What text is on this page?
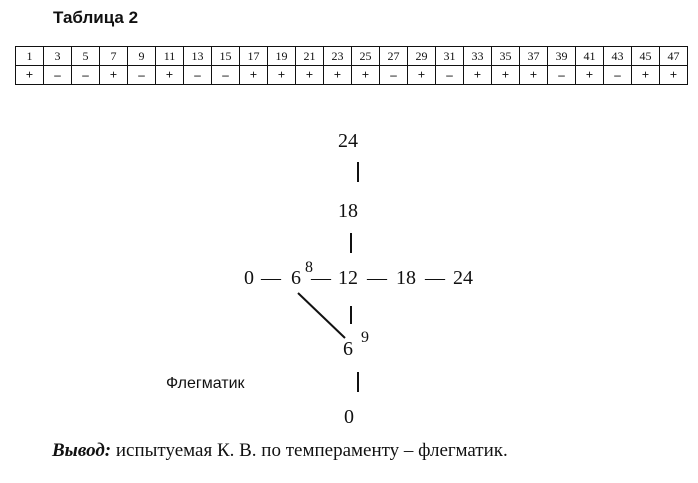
Таблица 2
1	3	5	7	9	11	13	15	17	19	21	23	25	27	29	31	33	35	37	39	41	43	45	47
+	–	–	+	–	+	–	–	+	+	+	+	+	–	+	–	+	+	+	–	+	–	+	+
24
18
0 — 6 8
— 12 — 18 — 24
6
9
Флегматик
0
Вывод: испытуемая К. В. по темпераменту – флегматик.
